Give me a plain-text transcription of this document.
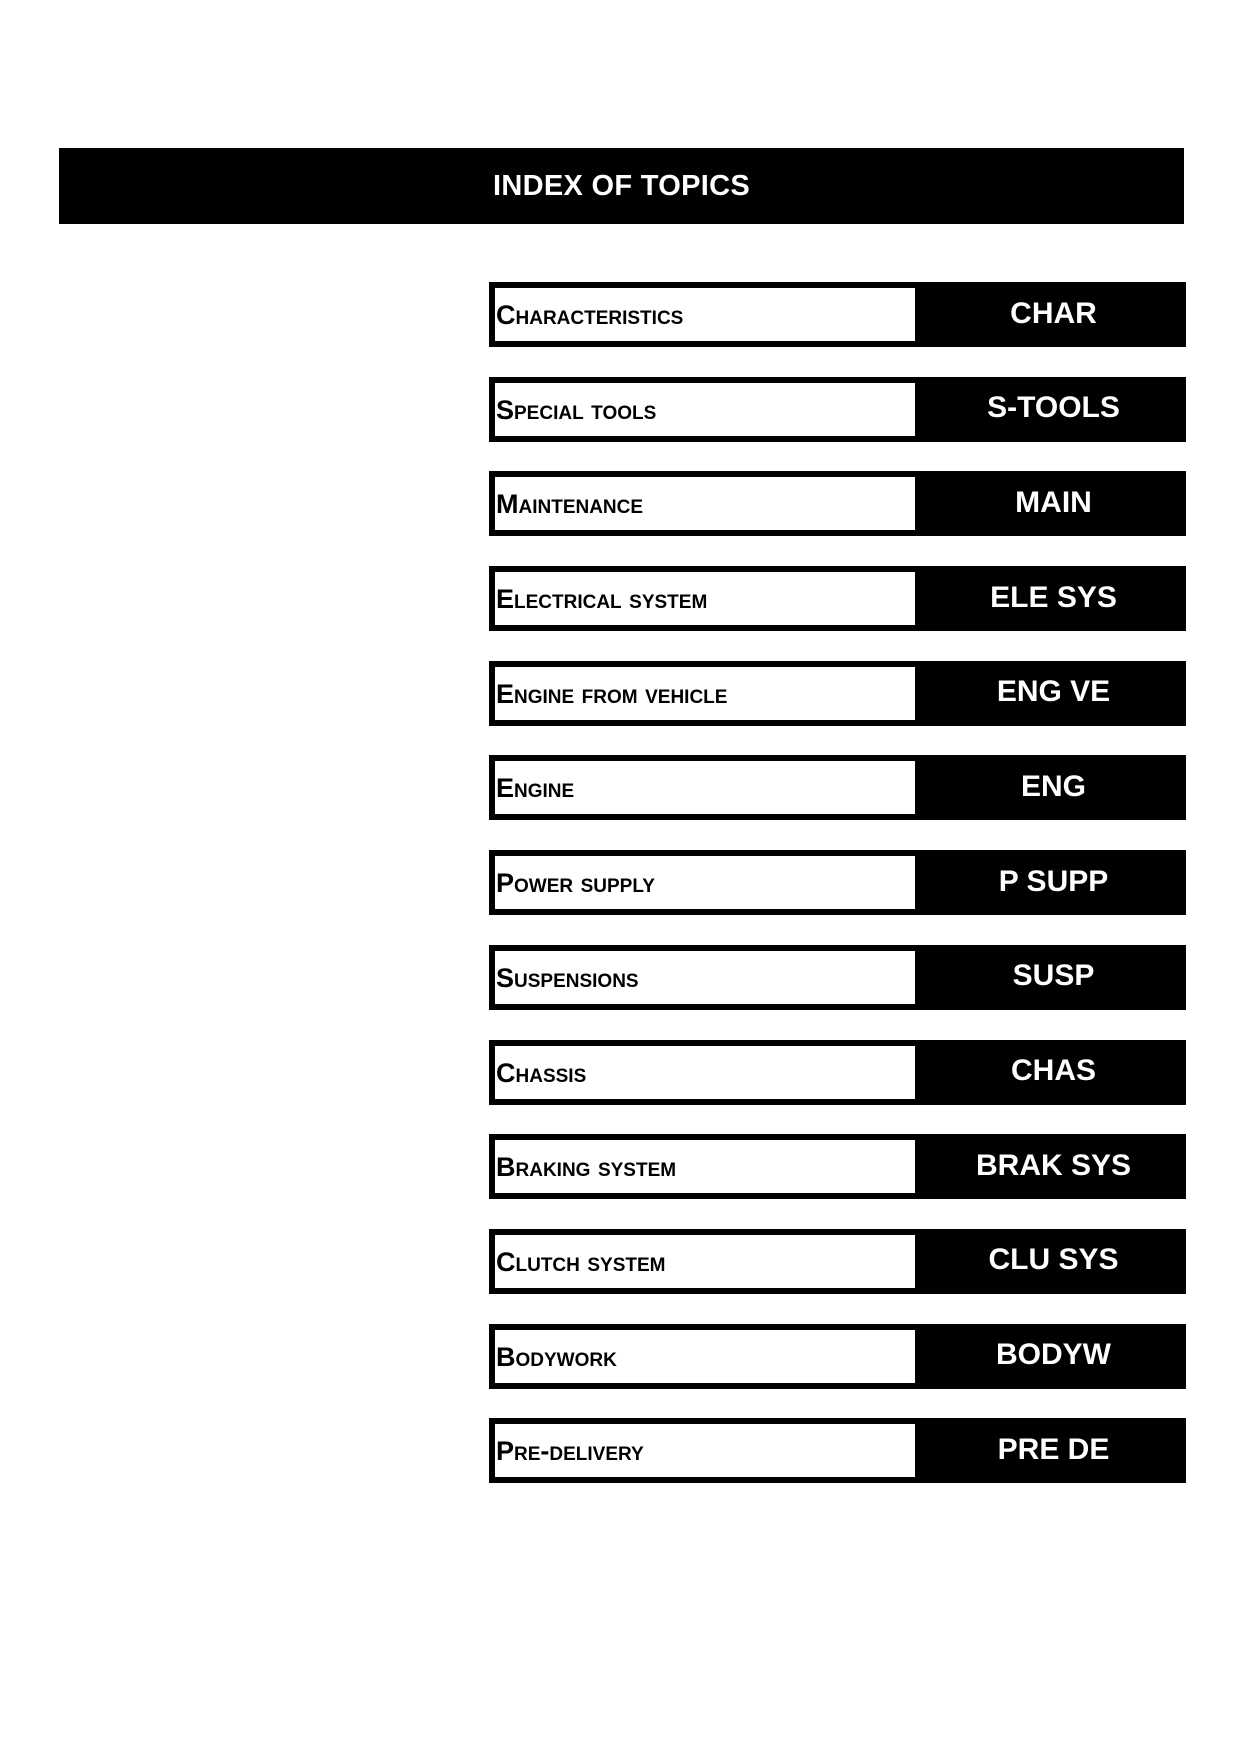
INDEX OF TOPICS
Characteristics	CHAR
Special tools	S-TOOLS
Maintenance	MAIN
Electrical system	ELE SYS
Engine from vehicle	ENG VE
Engine	ENG
Power supply	P SUPP
Suspensions	SUSP
Chassis	CHAS
Braking system	BRAK SYS
Clutch system	CLU SYS
Bodywork	BODYW
Pre-delivery	PRE DE
